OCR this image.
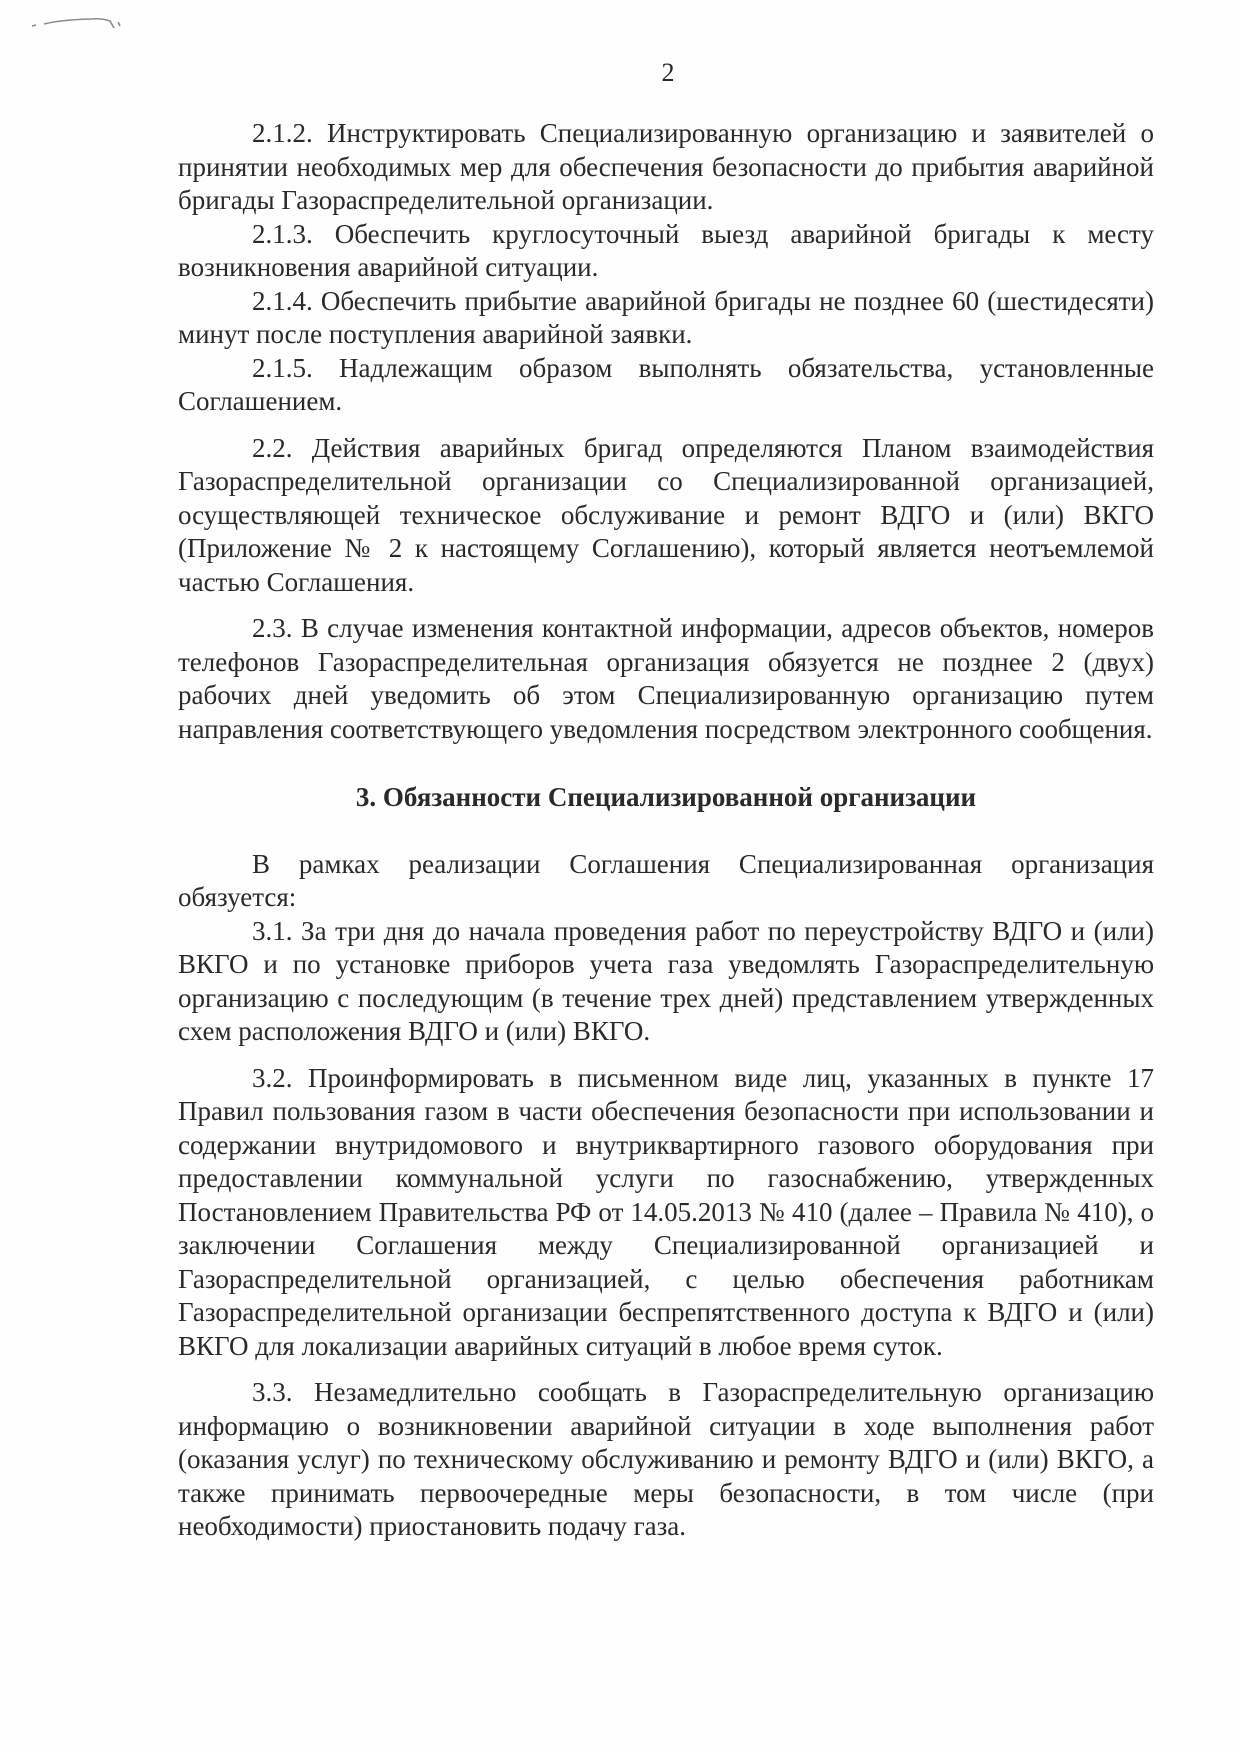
2

2.1.2. Инструктировать Специализированную организацию и заявителей о принятии необходимых мер для обеспечения безопасности до прибытия аварийной бригады Газораспределительной организации.

2.1.3. Обеспечить круглосуточный выезд аварийной бригады к месту возникновения аварийной ситуации.

2.1.4. Обеспечить прибытие аварийной бригады не позднее 60 (шестидесяти) минут после поступления аварийной заявки.

2.1.5. Надлежащим образом выполнять обязательства, установленные Соглашением.

2.2. Действия аварийных бригад определяются Планом взаимодействия Газораспределительной организации со Специализированной организацией, осуществляющей техническое обслуживание и ремонт ВДГО и (или) ВКГО (Приложение № 2 к настоящему Соглашению), который является неотъемлемой частью Соглашения.

2.3. В случае изменения контактной информации, адресов объектов, номеров телефонов Газораспределительная организация обязуется не позднее 2 (двух) рабочих дней уведомить об этом Специализированную организацию путем направления соответствующего уведомления посредством электронного сообщения.

3. Обязанности Специализированной организации

В рамках реализации Соглашения Специализированная организация обязуется:

3.1. За три дня до начала проведения работ по переустройству ВДГО и (или) ВКГО и по установке приборов учета газа уведомлять Газораспределительную организацию с последующим (в течение трех дней) представлением утвержденных схем расположения ВДГО и (или) ВКГО.

3.2. Проинформировать в письменном виде лиц, указанных в пункте 17 Правил пользования газом в части обеспечения безопасности при использовании и содержании внутридомового и внутриквартирного газового оборудования при предоставлении коммунальной услуги по газоснабжению, утвержденных Постановлением Правительства РФ от 14.05.2013 № 410 (далее – Правила № 410), о заключении Соглашения между Специализированной организацией и Газораспределительной организацией, с целью обеспечения работникам Газораспределительной организации беспрепятственного доступа к ВДГО и (или) ВКГО для локализации аварийных ситуаций в любое время суток.

3.3. Незамедлительно сообщать в Газораспределительную организацию информацию о возникновении аварийной ситуации в ходе выполнения работ (оказания услуг) по техническому обслуживанию и ремонту ВДГО и (или) ВКГО, а также принимать первоочередные меры безопасности, в том числе (при необходимости) приостановить подачу газа.
